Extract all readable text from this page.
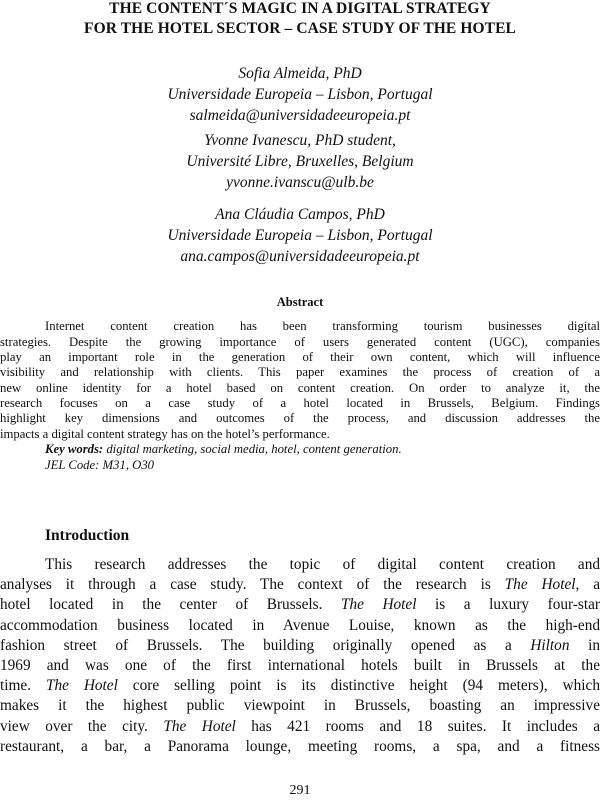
THE CONTENT´S MAGIC IN A DIGITAL STRATEGY
FOR THE HOTEL SECTOR – CASE STUDY OF THE HOTEL
Sofia Almeida, PhD
Universidade Europeia – Lisbon, Portugal
salmeida@universidadeeuropeia.pt
Yvonne Ivanescu, PhD student,
Université Libre, Bruxelles, Belgium
yvonne.ivanscu@ulb.be
Ana Cláudia Campos, PhD
Universidade Europeia – Lisbon, Portugal
ana.campos@universidadeeuropeia.pt
Abstract
Internet content creation has been transforming tourism businesses digital
strategies. Despite the growing importance of users generated content (UGC), companies
play an important role in the generation of their own content, which will influence
visibility and relationship with clients. This paper examines the process of creation of a
new online identity for a hotel based on content creation. On order to analyze it, the
research focuses on a case study of a hotel located in Brussels, Belgium. Findings
highlight key dimensions and outcomes of the process, and discussion addresses the
impacts a digital content strategy has on the hotel’s performance.
Key words: digital marketing, social media, hotel, content generation.
JEL Code: M31, O30
Introduction
This research addresses the topic of digital content creation and
analyses it through a case study. The context of the research is The Hotel, a
hotel located in the center of Brussels. The Hotel is a luxury four-star
accommodation business located in Avenue Louise, known as the high-end
fashion street of Brussels. The building originally opened as a Hilton in
1969 and was one of the first international hotels built in Brussels at the
time. The Hotel core selling point is its distinctive height (94 meters), which
makes it the highest public viewpoint in Brussels, boasting an impressive
view over the city. The Hotel has 421 rooms and 18 suites. It includes a
restaurant, a bar, a Panorama lounge, meeting rooms, a spa, and a fitness
291
